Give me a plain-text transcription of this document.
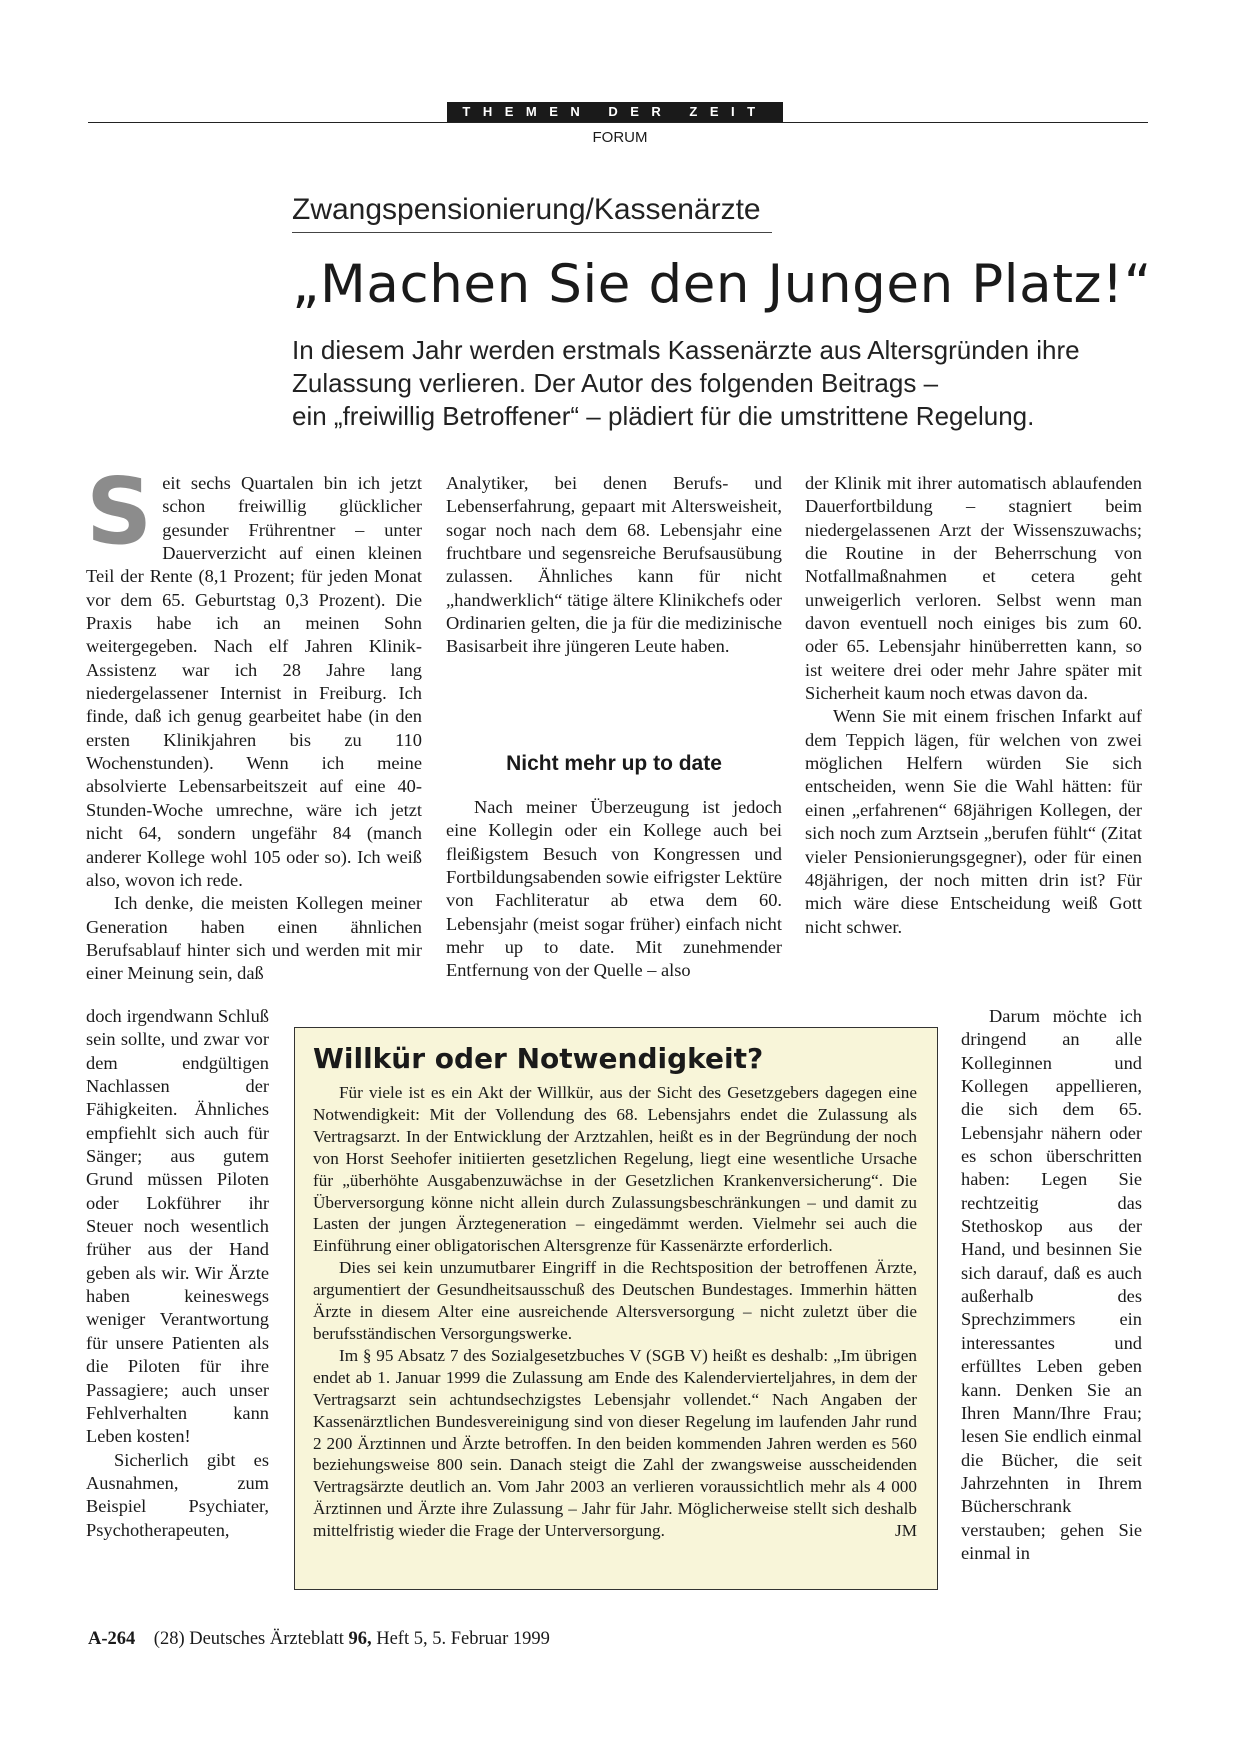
THEMEN DER ZEIT
FORUM
Zwangspensionierung/Kassenärzte
„Machen Sie den Jungen Platz!“

In diesem Jahr werden erstmals Kassenärzte aus Altersgründen ihre

Zulassung verlieren. Der Autor des folgenden Beitrags –

ein „freiwillig Betroffener“ – plädiert für die umstrittene Regelung.

Seit sechs Quartalen bin ich jetzt schon freiwillig glücklicher gesunder Frührentner – unter Dauerverzicht auf einen kleinen Teil der Rente (8,1 Prozent; für jeden Monat vor dem 65. Geburtstag 0,3 Prozent). Die Praxis habe ich an meinen Sohn weitergegeben. Nach elf Jahren Klinik-Assistenz war ich 28 Jahre lang niedergelassener Internist in Freiburg. Ich finde, daß ich genug gearbeitet habe (in den ersten Klinikjahren bis zu 110 Wochenstunden). Wenn ich meine absolvierte Lebensarbeitszeit auf eine 40-Stunden-Woche umrechne, wäre ich jetzt nicht 64, sondern ungefähr 84 (manch anderer Kollege wohl 105 oder so). Ich weiß also, wovon ich rede.

Ich denke, die meisten Kollegen meiner Generation haben einen ähnlichen Berufsablauf hinter sich und werden mit mir einer Meinung sein, daß

doch irgendwann Schluß sein sollte, und zwar vor dem endgültigen Nachlassen der Fähigkeiten. Ähnliches empfiehlt sich auch für Sänger; aus gutem Grund müssen Piloten oder Lokführer ihr Steuer noch wesentlich früher aus der Hand geben als wir. Wir Ärzte haben keineswegs weniger Verantwortung für unsere Patienten als die Piloten für ihre Passagiere; auch unser Fehlverhalten kann Leben kosten!

Sicherlich gibt es Ausnahmen, zum Beispiel Psychiater, Psychotherapeuten,

Analytiker, bei denen Berufs- und Lebenserfahrung, gepaart mit Altersweisheit, sogar noch nach dem 68. Lebensjahr eine fruchtbare und segensreiche Berufsausübung zulassen. Ähnliches kann für nicht „handwerklich“ tätige ältere Klinikchefs oder Ordinarien gelten, die ja für die medizinische Basisarbeit ihre jüngeren Leute haben.

Nicht mehr up to date

Nach meiner Überzeugung ist jedoch eine Kollegin oder ein Kollege auch bei fleißigstem Besuch von Kongressen und Fortbildungsabenden sowie eifrigster Lektüre von Fachliteratur ab etwa dem 60. Lebensjahr (meist sogar früher) einfach nicht mehr up to date. Mit zunehmender Entfernung von der Quelle – also

der Klinik mit ihrer automatisch ablaufenden Dauerfortbildung – stagniert beim niedergelassenen Arzt der Wissenszuwachs; die Routine in der Beherrschung von Notfallmaßnahmen et cetera geht unweigerlich verloren. Selbst wenn man davon eventuell noch einiges bis zum 60. oder 65. Lebensjahr hinüberretten kann, so ist weitere drei oder mehr Jahre später mit Sicherheit kaum noch etwas davon da.

Wenn Sie mit einem frischen Infarkt auf dem Teppich lägen, für welchen von zwei möglichen Helfern würden Sie sich entscheiden, wenn Sie die Wahl hätten: für einen „erfahrenen“ 68jährigen Kollegen, der sich noch zum Arztsein „berufen fühlt“ (Zitat vieler Pensionierungsgegner), oder für einen 48jährigen, der noch mitten drin ist? Für mich wäre diese Entscheidung weiß Gott nicht schwer.

Darum möchte ich dringend an alle Kolleginnen und Kollegen appellieren, die sich dem 65. Lebensjahr nähern oder es schon überschritten haben: Legen Sie rechtzeitig das Stethoskop aus der Hand, und besinnen Sie sich darauf, daß es auch außerhalb des Sprechzimmers ein interessantes und erfülltes Leben geben kann. Denken Sie an Ihren Mann/Ihre Frau; lesen Sie endlich einmal die Bücher, die seit Jahrzehnten in Ihrem Bücherschrank verstauben; gehen Sie einmal in

Willkür oder Notwendigkeit?

Für viele ist es ein Akt der Willkür, aus der Sicht des Gesetzgebers dagegen eine Notwendigkeit: Mit der Vollendung des 68. Lebensjahrs endet die Zulassung als Vertragsarzt. In der Entwicklung der Arztzahlen, heißt es in der Begründung der noch von Horst Seehofer initiierten gesetzlichen Regelung, liegt eine wesentliche Ursache für „überhöhte Ausgabenzuwächse in der Gesetzlichen Krankenversicherung“. Die Überversorgung könne nicht allein durch Zulassungsbeschränkungen – und damit zu Lasten der jungen Ärztegeneration – eingedämmt werden. Vielmehr sei auch die Einführung einer obligatorischen Altersgrenze für Kassenärzte erforderlich.

Dies sei kein unzumutbarer Eingriff in die Rechtsposition der betroffenen Ärzte, argumentiert der Gesundheitsausschuß des Deutschen Bundestages. Immerhin hätten Ärzte in diesem Alter eine ausreichende Altersversorgung – nicht zuletzt über die berufsständischen Versorgungswerke.

Im § 95 Absatz 7 des Sozialgesetzbuches V (SGB V) heißt es deshalb: „Im übrigen endet ab 1. Januar 1999 die Zulassung am Ende des Kalendervierteljahres, in dem der Vertragsarzt sein achtundsechzigstes Lebensjahr vollendet.“ Nach Angaben der Kassenärztlichen Bundesvereinigung sind von dieser Regelung im laufenden Jahr rund 2 200 Ärztinnen und Ärzte betroffen. In den beiden kommenden Jahren werden es 560 beziehungsweise 800 sein. Danach steigt die Zahl der zwangsweise ausscheidenden Vertragsärzte deutlich an. Vom Jahr 2003 an verlieren voraussichtlich mehr als 4 000 Ärztinnen und Ärzte ihre Zulassung – Jahr für Jahr. Möglicherweise stellt sich deshalb mittelfristig wieder die Frage der Unterversorgung.	JM

A-264 (28) Deutsches Ärzteblatt 96, Heft 5, 5. Februar 1999
